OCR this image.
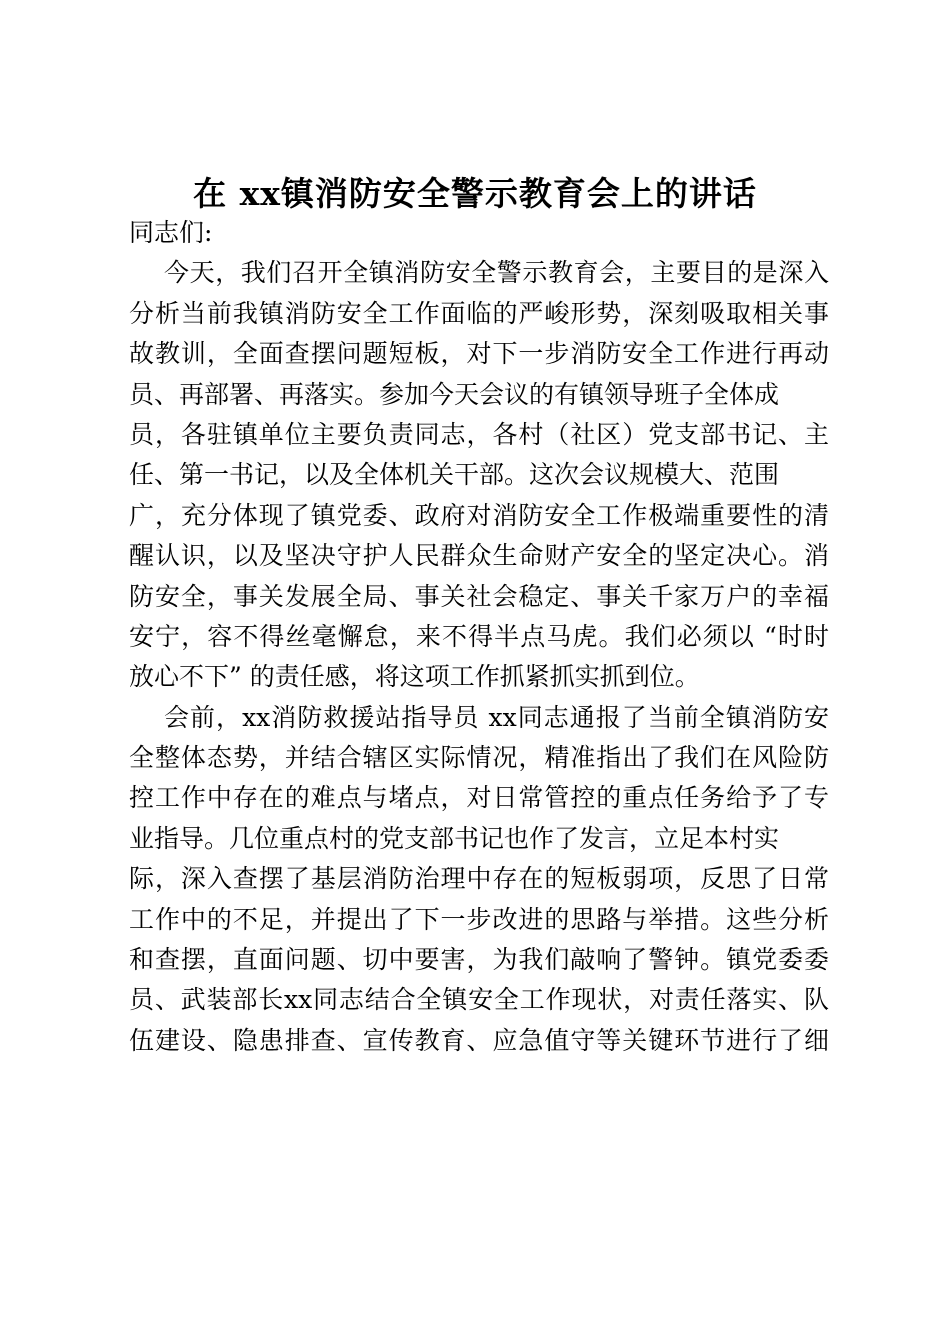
在 xx镇消防安全警示教育会上的讲话
同志们:
今天，我们召开全镇消防安全警示教育会，主要目的是深入
分析当前我镇消防安全工作面临的严峻形势，深刻吸取相关事
故教训，全面查摆问题短板，对下一步消防安全工作进行再动
员、再部署、再落实。参加今天会议的有镇领导班子全体成
员，各驻镇单位主要负责同志，各村（社区）党支部书记、主
任、第一书记，以及全体机关干部。这次会议规模大、范围
广，充分体现了镇党委、政府对消防安全工作极端重要性的清
醒认识，以及坚决守护人民群众生命财产安全的坚定决心。消
防安全，事关发展全局、事关社会稳定、事关千家万户的幸福
安宁，容不得丝毫懈怠，来不得半点马虎。我们必须以 “时时
放心不下” 的责任感，将这项工作抓紧抓实抓到位。
会前，xx消防救援站指导员 xx同志通报了当前全镇消防安
全整体态势，并结合辖区实际情况，精准指出了我们在风险防
控工作中存在的难点与堵点，对日常管控的重点任务给予了专
业指导。几位重点村的党支部书记也作了发言，立足本村实
际，深入查摆了基层消防治理中存在的短板弱项，反思了日常
工作中的不足，并提出了下一步改进的思路与举措。这些分析
和查摆，直面问题、切中要害，为我们敲响了警钟。镇党委委
员、武装部长xx同志结合全镇安全工作现状，对责任落实、队
伍建设、隐患排查、宣传教育、应急值守等关键环节进行了细
